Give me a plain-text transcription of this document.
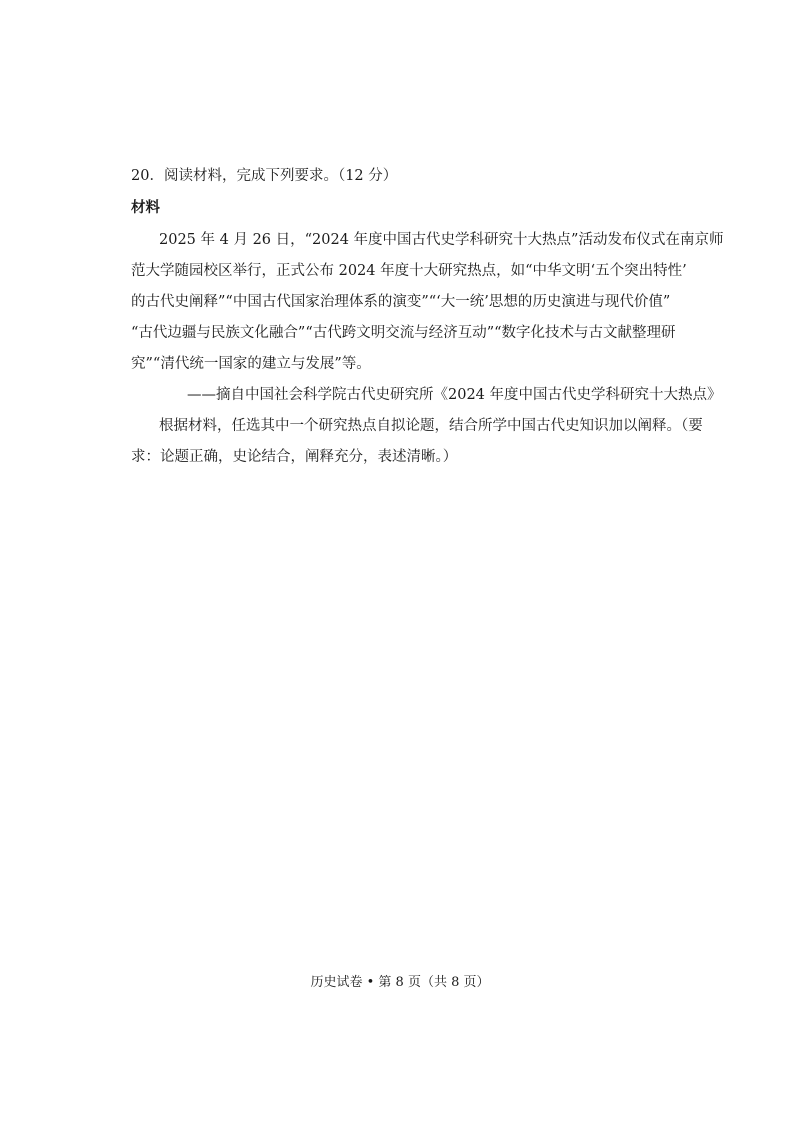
20．阅读材料，完成下列要求。（12 分）
材料
2025 年 4 月 26 日，“2024 年度中国古代史学科研究十大热点”活动发布仪式在南京师
范大学随园校区举行，正式公布 2024 年度十大研究热点，如“中华文明‘五个突出特性’
的古代史阐释”“中国古代国家治理体系的演变”“‘大一统’思想的历史演进与现代价值”
“古代边疆与民族文化融合”“古代跨文明交流与经济互动”“数字化技术与古文献整理研
究”“清代统一国家的建立与发展”等。
——摘自中国社会科学院古代史研究所《2024 年度中国古代史学科研究十大热点》
根据材料，任选其中一个研究热点自拟论题，结合所学中国古代史知识加以阐释。（要
求：论题正确，史论结合，阐释充分，表述清晰。）
历史试卷 • 第 8 页（共 8 页）
